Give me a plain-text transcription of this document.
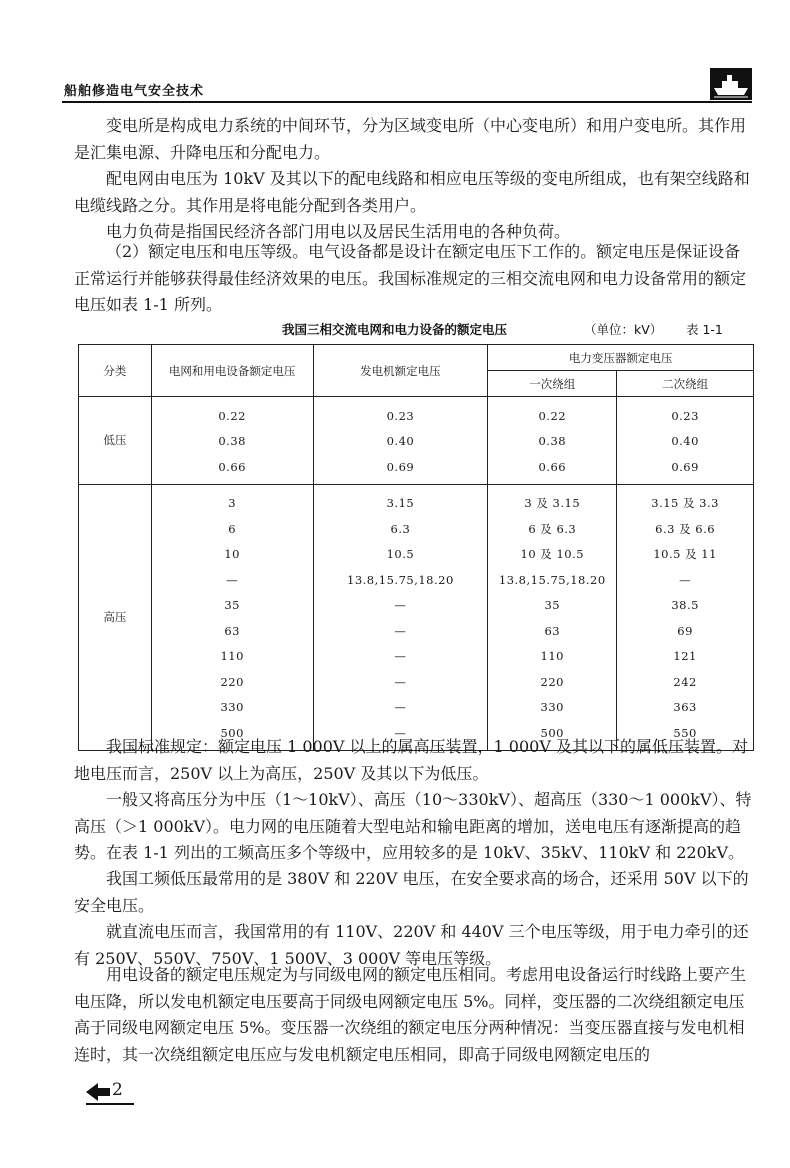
船舶修造电气安全技术

变电所是构成电力系统的中间环节，分为区域变电所（中心变电所）和用户变电所。其作用是汇集电源、升降电压和分配电力。

配电网由电压为 10kV 及其以下的配电线路和相应电压等级的变电所组成，也有架空线路和电缆线路之分。其作用是将电能分配到各类用户。

电力负荷是指国民经济各部门用电以及居民生活用电的各种负荷。

（2）额定电压和电压等级。电气设备都是设计在额定电压下工作的。额定电压是保证设备正常运行并能够获得最佳经济效果的电压。我国标准规定的三相交流电网和电力设备常用的额定电压如表 1-1 所列。

我国三相交流电网和电力设备的额定电压	（单位：kV） 表 1-1
分类	电网和用电设备额定电压	发电机额定电压	电力变压器额定电压	
			一次绕组	二次绕组
低压	0.22	0.23	0.22	0.23
	0.38	0.40	0.38	0.40
	0.66	0.69	0.66	0.69
高压	3	3.15	3 及 3.15	3.15 及 3.3
	6	6.3	6 及 6.3	6.3 及 6.6
	10	10.5	10 及 10.5	10.5 及 11
	—	13.8,15.75,18.20	13.8,15.75,18.20	—
	35	—	35	38.5
	63	—	63	69
	110	—	110	121
	220	—	220	242
	330	—	330	363
	500	—	500	550

我国标准规定：额定电压 1 000V 以上的属高压装置，1 000V 及其以下的属低压装置。对地电压而言，250V 以上为高压，250V 及其以下为低压。

一般又将高压分为中压（1～10kV）、高压（10～330kV）、超高压（330～1 000kV）、特高压（＞1 000kV）。电力网的电压随着大型电站和输电距离的增加，送电电压有逐渐提高的趋势。 在表 1-1 列出的工频高压多个等级中，应用较多的是 10kV、35kV、110kV 和 220kV。

我国工频低压最常用的是 380V 和 220V 电压，在安全要求高的场合，还采用 50V 以下的安全电压。

就直流电压而言，我国常用的有 110V、220V 和 440V 三个电压等级，用于电力牵引的还有 250V、550V、750V、1 500V、3 000V 等电压等级。

用电设备的额定电压规定为与同级电网的额定电压相同。考虑用电设备运行时线路上要产生电压降，所以发电机额定电压要高于同级电网额定电压 5%。同样，变压器的二次绕组额定电压高于同级电网额定电压 5%。变压器一次绕组的额定电压分两种情况：当变压器直接与发电机相连时，其一次绕组额定电压应与发电机额定电压相同，即高于同级电网额定电压的

2
